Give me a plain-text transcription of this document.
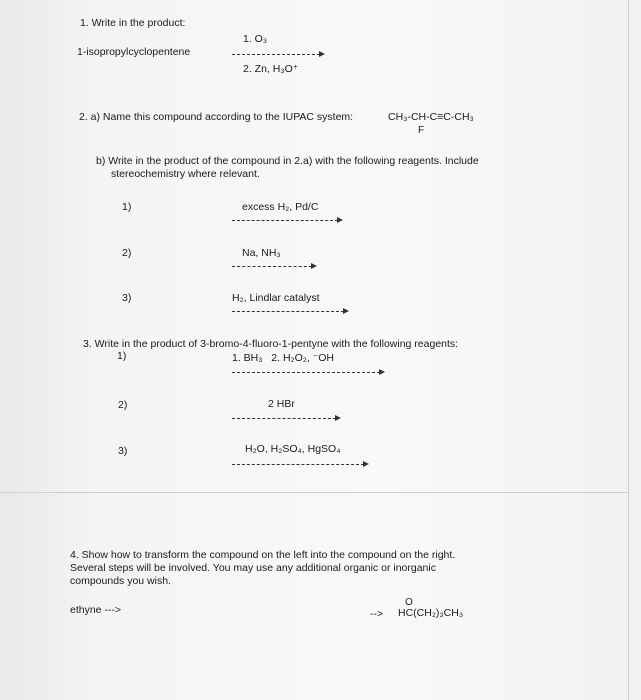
1. Write in the product:
1. O₃
1-isopropylcyclopentene
2. Zn, H₃O⁺
2. a) Name this compound according to the IUPAC system:	CH₃-CH-C≡C-CH₃
F
b) Write in the product of the compound in 2.a) with the following reagents. Include
stereochemistry where relevant.
1)	excess H₂, Pd/C
2)	Na, NH₃
3)	H₂, Lindlar catalyst
3. Write in the product of 3-bromo-4-fluoro-1-pentyne with the following reagents:
1)	1. BH₃   2. H₂O₂, ⁻OH
2)	2 HBr
3)	H₂O, H₂SO₄, HgSO₄
4. Show how to transform the compound on the left into the compound on the right.
Several steps will be involved. You may use any additional organic or inorganic
compounds you wish.
ethyne --->	-->
O
HC(CH₂)₃CH₃
